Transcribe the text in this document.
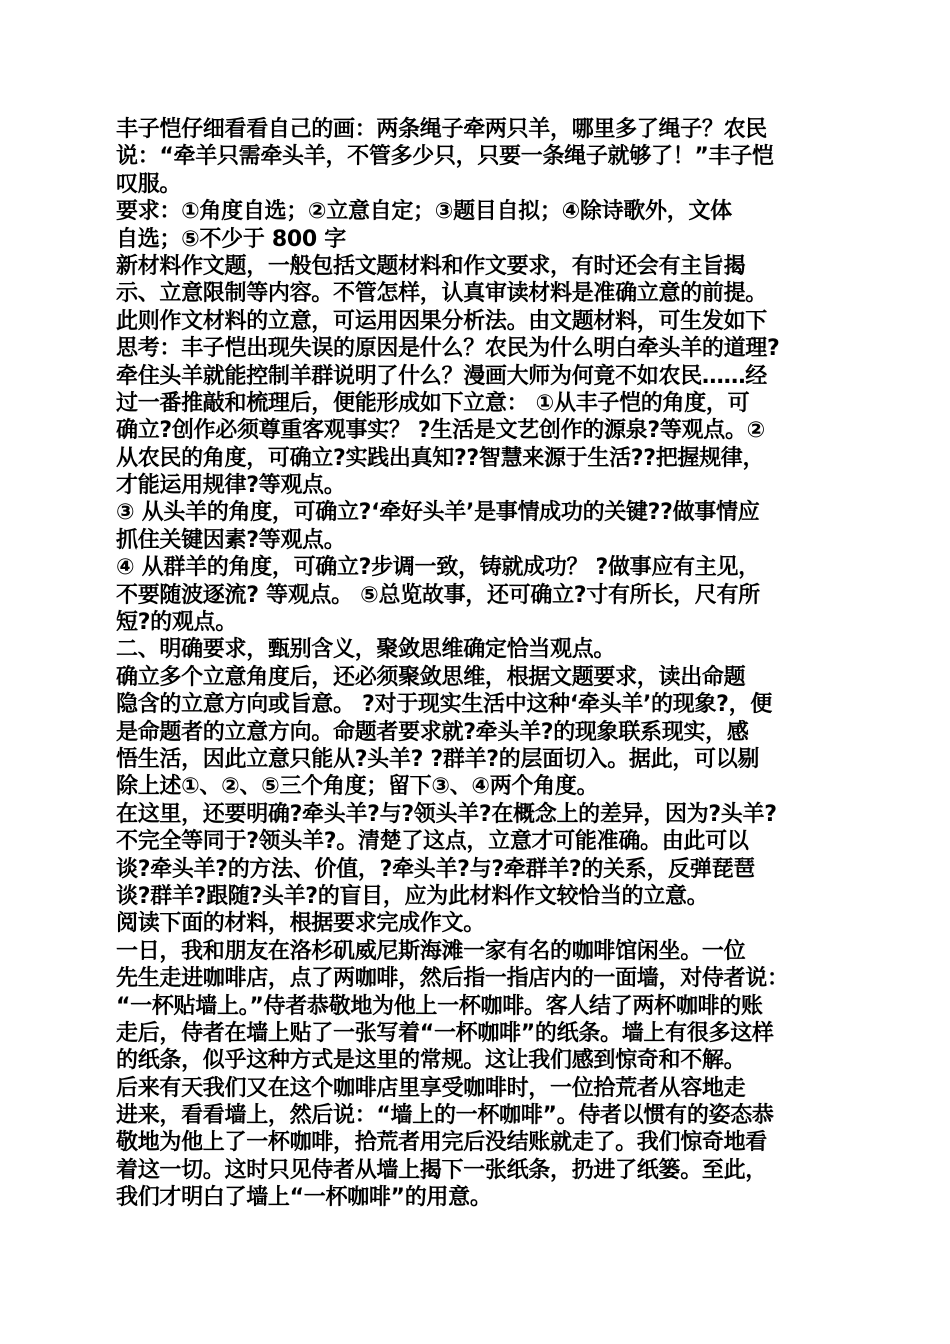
丰子恺仔细看看自己的画：两条绳子牵两只羊，哪里多了绳子？农民
说：“牵羊只需牵头羊，不管多少只，只要一条绳子就够了！”丰子恺
叹服。
要求：①角度自选；②立意自定；③题目自拟；④除诗歌外，文体
自选；⑤不少于 800 字
新材料作文题，一般包括文题材料和作文要求，有时还会有主旨揭
示、立意限制等内容。不管怎样，认真审读材料是准确立意的前提。
此则作文材料的立意，可运用因果分析法。由文题材料，可生发如下
思考：丰子恺出现失误的原因是什么？农民为什么明白牵头羊的道理?
牵住头羊就能控制羊群说明了什么？漫画大师为何竟不如农民……经
过一番推敲和梳理后，便能形成如下立意： ①从丰子恺的角度，可
确立?创作必须尊重客观事实？ ?生活是文艺创作的源泉?等观点。②
从农民的角度，可确立?实践出真知??智慧来源于生活??把握规律，
才能运用规律?等观点。
③ 从头羊的角度，可确立?‘牵好头羊’是事情成功的关键??做事情应
抓住关键因素?等观点。
④ 从群羊的角度，可确立?步调一致，铸就成功？ ?做事应有主见，
不要随波逐流? 等观点。 ⑤总览故事，还可确立?寸有所长，尺有所
短?的观点。
二、明确要求，甄别含义，聚敛思维确定恰当观点。
确立多个立意角度后，还必须聚敛思维，根据文题要求，读出命题
隐含的立意方向或旨意。 ?对于现实生活中这种‘牵头羊’的现象?，便
是命题者的立意方向。命题者要求就?牵头羊?的现象联系现实，感
悟生活，因此立意只能从?头羊? ?群羊?的层面切入。据此，可以剔
除上述①、②、⑤三个角度；留下③、④两个角度。
在这里，还要明确?牵头羊?与?领头羊?在概念上的差异，因为?头羊?
不完全等同于?领头羊?。清楚了这点，立意才可能准确。由此可以
谈?牵头羊?的方法、价值，?牵头羊?与?牵群羊?的关系，反弹琵琶
谈?群羊?跟随?头羊?的盲目，应为此材料作文较恰当的立意。
阅读下面的材料，根据要求完成作文。
一日，我和朋友在洛杉矶威尼斯海滩一家有名的咖啡馆闲坐。一位
先生走进咖啡店，点了两咖啡，然后指一指店内的一面墙，对侍者说：
“一杯贴墙上。”侍者恭敬地为他上一杯咖啡。客人结了两杯咖啡的账
走后，侍者在墙上贴了一张写着“一杯咖啡”的纸条。墙上有很多这样
的纸条，似乎这种方式是这里的常规。这让我们感到惊奇和不解。
后来有天我们又在这个咖啡店里享受咖啡时，一位拾荒者从容地走
进来，看看墙上，然后说：“墙上的一杯咖啡”。侍者以惯有的姿态恭
敬地为他上了一杯咖啡，拾荒者用完后没结账就走了。我们惊奇地看
着这一切。这时只见侍者从墙上揭下一张纸条，扔进了纸篓。至此，
我们才明白了墙上“一杯咖啡”的用意。
